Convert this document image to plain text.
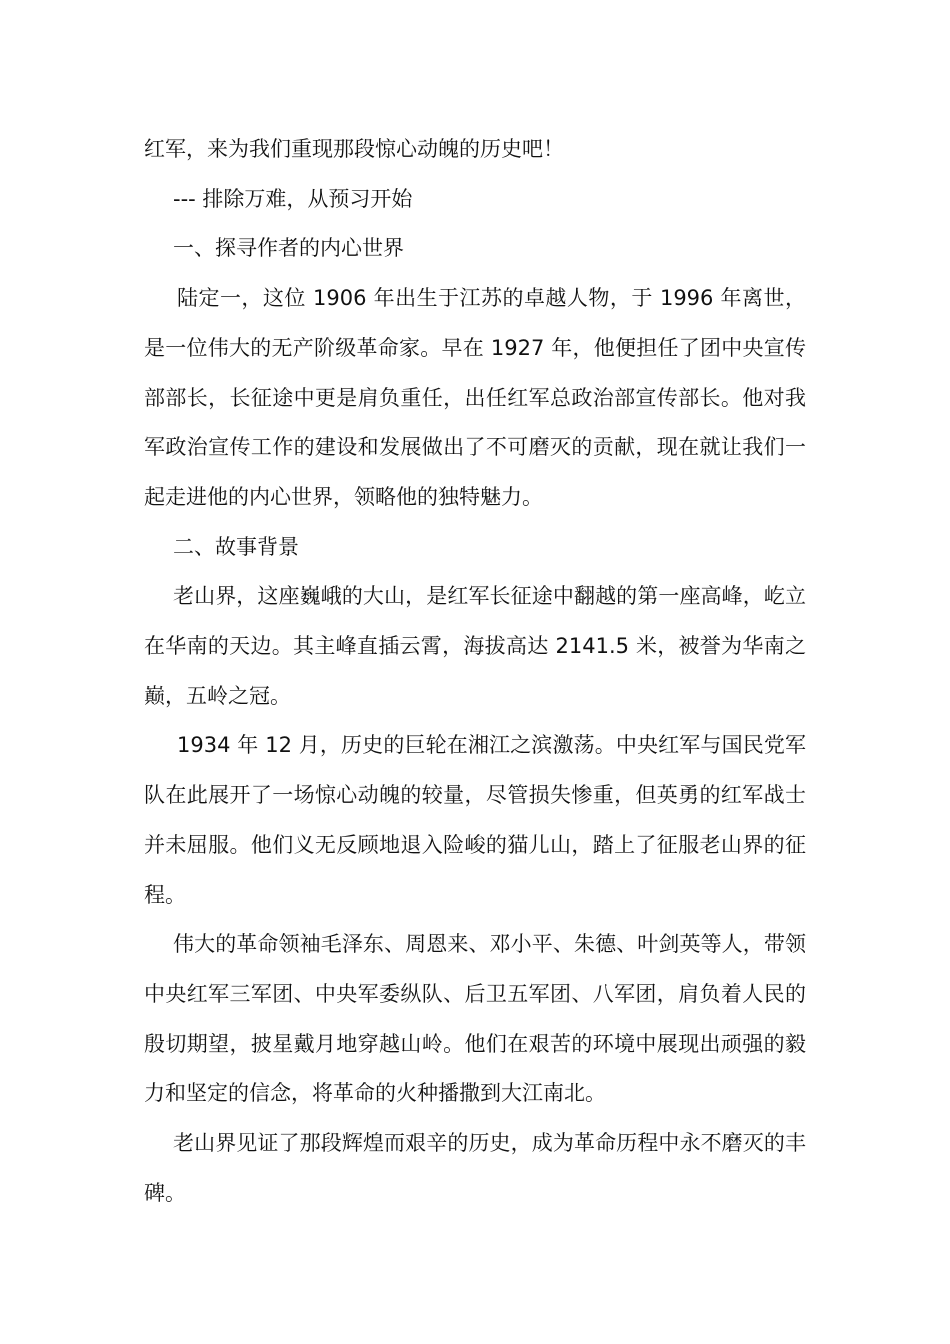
红军，来为我们重现那段惊心动魄的历史吧！

--- 排除万难，从预习开始

一、探寻作者的内心世界

陆定一，这位 1906 年出生于江苏的卓越人物，于 1996 年离世，是一位伟大的无产阶级革命家。早在 1927 年，他便担任了团中央宣传部部长，长征途中更是肩负重任，出任红军总政治部宣传部长。他对我军政治宣传工作的建设和发展做出了不可磨灭的贡献，现在就让我们一起走进他的内心世界，领略他的独特魅力。

二、故事背景

老山界，这座巍峨的大山，是红军长征途中翻越的第一座高峰，屹立在华南的天边。其主峰直插云霄，海拔高达 2141.5 米，被誉为华南之巅，五岭之冠。

1934 年 12 月，历史的巨轮在湘江之滨激荡。中央红军与国民党军队在此展开了一场惊心动魄的较量，尽管损失惨重，但英勇的红军战士并未屈服。他们义无反顾地退入险峻的猫儿山，踏上了征服老山界的征程。

伟大的革命领袖毛泽东、周恩来、邓小平、朱德、叶剑英等人，带领中央红军三军团、中央军委纵队、后卫五军团、八军团，肩负着人民的殷切期望，披星戴月地穿越山岭。他们在艰苦的环境中展现出顽强的毅力和坚定的信念，将革命的火种播撒到大江南北。

老山界见证了那段辉煌而艰辛的历史，成为革命历程中永不磨灭的丰碑。
